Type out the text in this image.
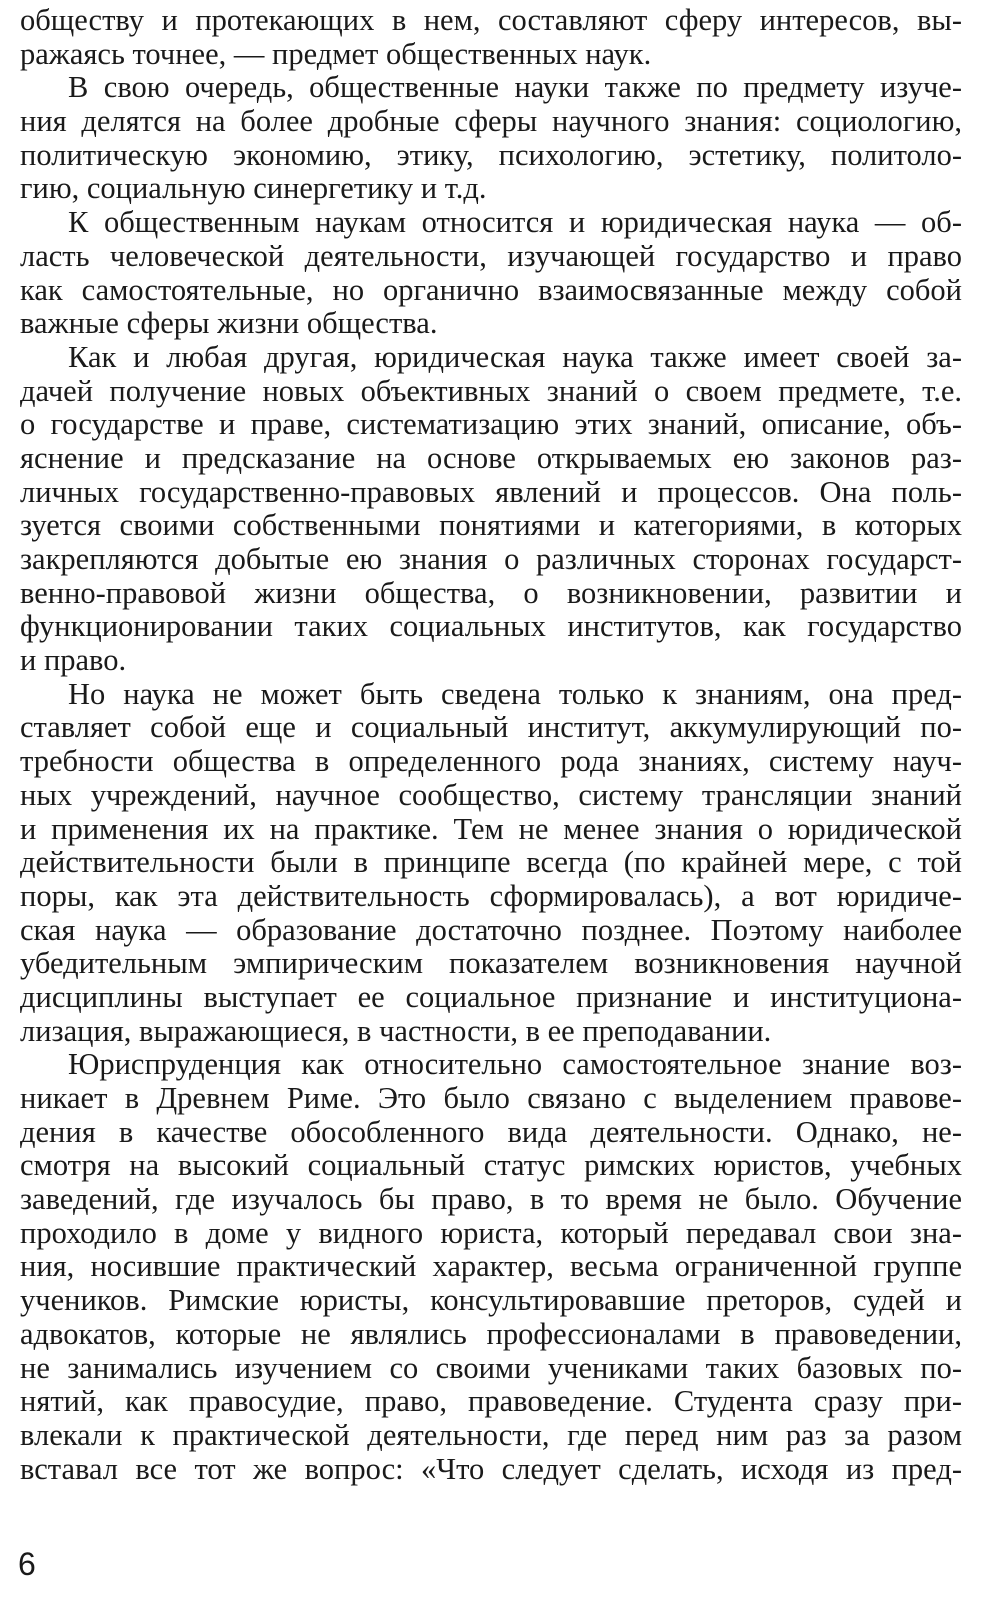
обществу и протекающих в нем, составляют сферу интересов, вы-
ражаясь точнее, — предмет общественных наук.
В свою очередь, общественные науки также по предмету изуче-
ния делятся на более дробные сферы научного знания: социологию,
политическую экономию, этику, психологию, эстетику, политоло-
гию, социальную синергетику и т.д.
К общественным наукам относится и юридическая наука — об-
ласть человеческой деятельности, изучающей государство и право
как самостоятельные, но органично взаимосвязанные между собой
важные сферы жизни общества.
Как и любая другая, юридическая наука также имеет своей за-
дачей получение новых объективных знаний о своем предмете, т.е.
о государстве и праве, систематизацию этих знаний, описание, объ-
яснение и предсказание на основе открываемых ею законов раз-
личных государственно-правовых явлений и процессов. Она поль-
зуется своими собственными понятиями и категориями, в которых
закрепляются добытые ею знания о различных сторонах государст-
венно-правовой жизни общества, о возникновении, развитии и
функционировании таких социальных институтов, как государство
и право.
Но наука не может быть сведена только к знаниям, она пред-
ставляет собой еще и социальный институт, аккумулирующий по-
требности общества в определенного рода знаниях, систему науч-
ных учреждений, научное сообщество, систему трансляции знаний
и применения их на практике. Тем не менее знания о юридической
действительности были в принципе всегда (по крайней мере, с той
поры, как эта действительность сформировалась), а вот юридиче-
ская наука — образование достаточно позднее. Поэтому наиболее
убедительным эмпирическим показателем возникновения научной
дисциплины выступает ее социальное признание и институциона-
лизация, выражающиеся, в частности, в ее преподавании.
Юриспруденция как относительно самостоятельное знание воз-
никает в Древнем Риме. Это было связано с выделением правове-
дения в качестве обособленного вида деятельности. Однако, не-
смотря на высокий социальный статус римских юристов, учебных
заведений, где изучалось бы право, в то время не было. Обучение
проходило в доме у видного юриста, который передавал свои зна-
ния, носившие практический характер, весьма ограниченной группе
учеников. Римские юристы, консультировавшие преторов, судей и
адвокатов, которые не являлись профессионалами в правоведении,
не занимались изучением со своими учениками таких базовых по-
нятий, как правосудие, право, правоведение. Студента сразу при-
влекали к практической деятельности, где перед ним раз за разом
вставал все тот же вопрос: «Что следует сделать, исходя из пред-
6
